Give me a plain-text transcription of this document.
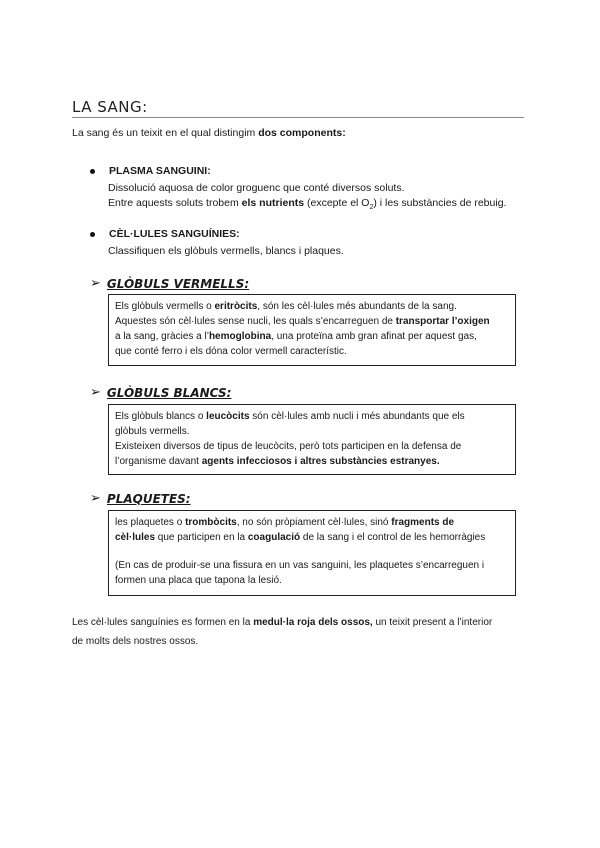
LA SANG:
La sang és un teixit en el qual distingim dos components:
PLASMA SANGUINI:
Dissolució aquosa de color groguenc que conté diversos soluts.
Entre aquests soluts trobem els nutrients (excepte el $O_2$) i les substàncies de rebuig.
CÈL·LULES SANGUÍNIES:
Classifiquen els glòbuls vermells, blancs i plaques.
➢ GLÒBULS VERMELLS:
Els glòbuls vermells o eritròcits, són les cèl·lules més abundants de la sang.
Aquestes són cèl·lules sense nucli, les quals s’encarreguen de transportar l’oxigen
a la sang, gràcies a l’hemoglobina, una proteïna amb gran afinat per aquest gas,
que conté ferro i els dóna color vermell característic.
➢ GLÒBULS BLANCS:
Els glòbuls blancs o leucòcits són cèl·lules amb nucli i més abundants que els
glòbuls vermells.
Existeixen diversos de tipus de leucòcits, però tots participen en la defensa de
l’organisme davant agents infecciosos i altres substàncies estranyes.
➢ PLAQUETES:
les plaquetes o trombòcits, no són pròpiament cèl·lules, sinó fragments de
cèl·lules que participen en la coagulació de la sang i el control de les hemorràgies
(En cas de produir-se una fissura en un vas sanguini, les plaquetes s’encarreguen i
formen una placa que tapona la lesió.
Les cèl·lules sanguínies es formen en la medul·la roja dels ossos, un teixit present a l’interior
de molts dels nostres ossos.
